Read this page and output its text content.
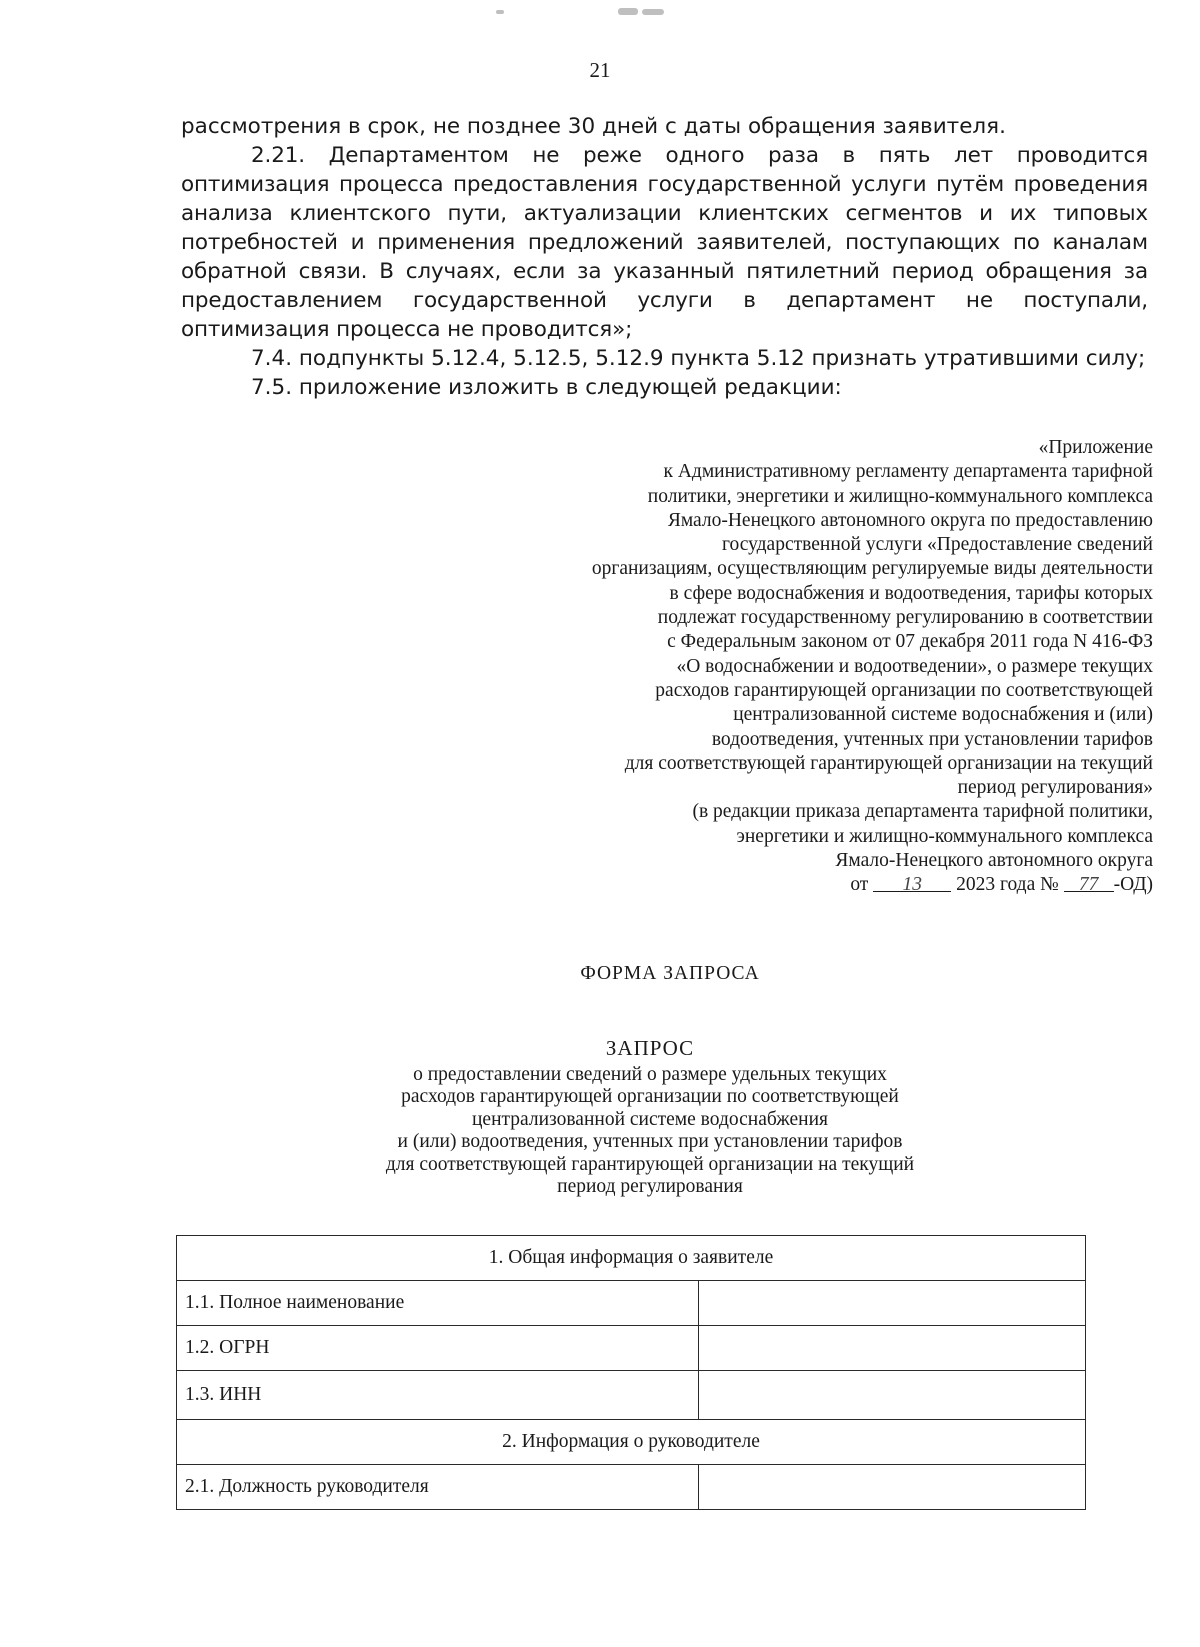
21

рассмотрения в срок, не позднее 30 дней с даты обращения заявителя.

2.21. Департаментом не реже одного раза в пять лет проводится оптимизация процесса предоставления государственной услуги путём проведения анализа клиентского пути, актуализации клиентских сегментов и их типовых потребностей и применения предложений заявителей, поступающих по каналам обратной связи. В случаях, если за указанный пятилетний период обращения за предоставлением государственной услуги в департамент не поступали, оптимизация процесса не проводится»;

7.4. подпункты 5.12.4, 5.12.5, 5.12.9 пункта 5.12 признать утратившими силу;

7.5. приложение изложить в следующей редакции:

«Приложение
к Административному регламенту департамента тарифной
политики, энергетики и жилищно-коммунального комплекса
Ямало-Ненецкого автономного округа по предоставлению
государственной услуги «Предоставление сведений
организациям, осуществляющим регулируемые виды деятельности
в сфере водоснабжения и водоотведения, тарифы которых
подлежат государственному регулированию в соответствии
с Федеральным законом от 07 декабря 2011 года N 416-ФЗ
«О водоснабжении и водоотведении», о размере текущих
расходов гарантирующей организации по соответствующей
централизованной системе водоснабжения и (или)
водоотведения, учтенных при установлении тарифов
для соответствующей гарантирующей организации на текущий
период регулирования»
(в редакции приказа департамента тарифной политики,
энергетики и жилищно-коммунального комплекса
Ямало-Ненецкого автономного округа
от 13 2023 года № 77 -ОД)
ФОРМА ЗАПРОСА
ЗАПРОС
о предоставлении сведений о размере удельных текущих
расходов гарантирующей организации по соответствующей
централизованной системе водоснабжения
и (или) водоотведения, учтенных при установлении тарифов
для соответствующей гарантирующей организации на текущий
период регулирования
1. Общая информация о заявителе	
1.1. Полное наименование	
1.2. ОГРН	
1.3. ИНН	
2. Информация о руководителе	
2.1. Должность руководителя	
